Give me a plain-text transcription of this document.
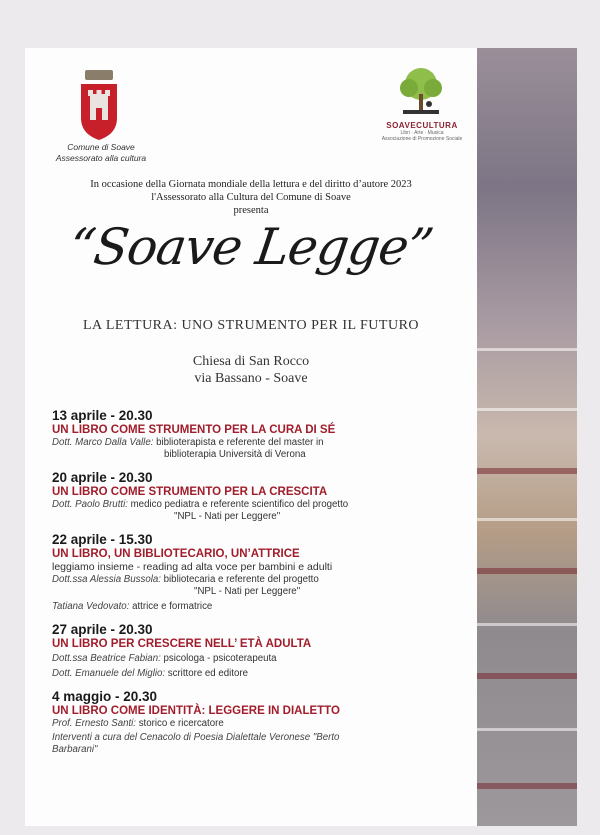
Comune di Soave
Assessorato alla cultura
SOAVECULTURA
Libri · Arte · Musica
Associazione di Promozione Sociale
In occasione della Giornata mondiale della lettura e del diritto d’autore 2023
l'Assessorato alla Cultura del Comune di Soave
presenta
“Soave Legge”
LA LETTURA: UNO STRUMENTO PER IL FUTURO
Chiesa di San Rocco
via Bassano - Soave
13 aprile - 20.30
UN LIBRO COME STRUMENTO PER LA CURA DI SÉ
Dott. Marco Dalla Valle: biblioterapista e referente del master in
biblioterapia Università di Verona
20 aprile - 20.30
UN LIBRO COME STRUMENTO PER LA CRESCITA
Dott. Paolo Brutti: medico pediatra e referente scientifico del progetto
"NPL - Nati per Leggere"
22 aprile - 15.30
UN LIBRO, UN BIBLIOTECARIO, UN’ATTRICE
leggiamo insieme - reading ad alta voce per bambini e adulti
Dott.ssa Alessia Bussola: bibliotecaria e referente del progetto
"NPL - Nati per Leggere"
Tatiana Vedovato: attrice e formatrice
27 aprile - 20.30
UN LIBRO PER CRESCERE NELL’ ETÀ ADULTA
Dott.ssa Beatrice Fabian: psicologa - psicoterapeuta
Dott. Emanuele del Miglio: scrittore ed editore
4 maggio - 20.30
UN LIBRO COME IDENTITÀ: LEGGERE IN DIALETTO
Prof. Ernesto Santi: storico e ricercatore
Interventi a cura del Cenacolo di Poesia Dialettale Veronese "Berto
Barbarani"
